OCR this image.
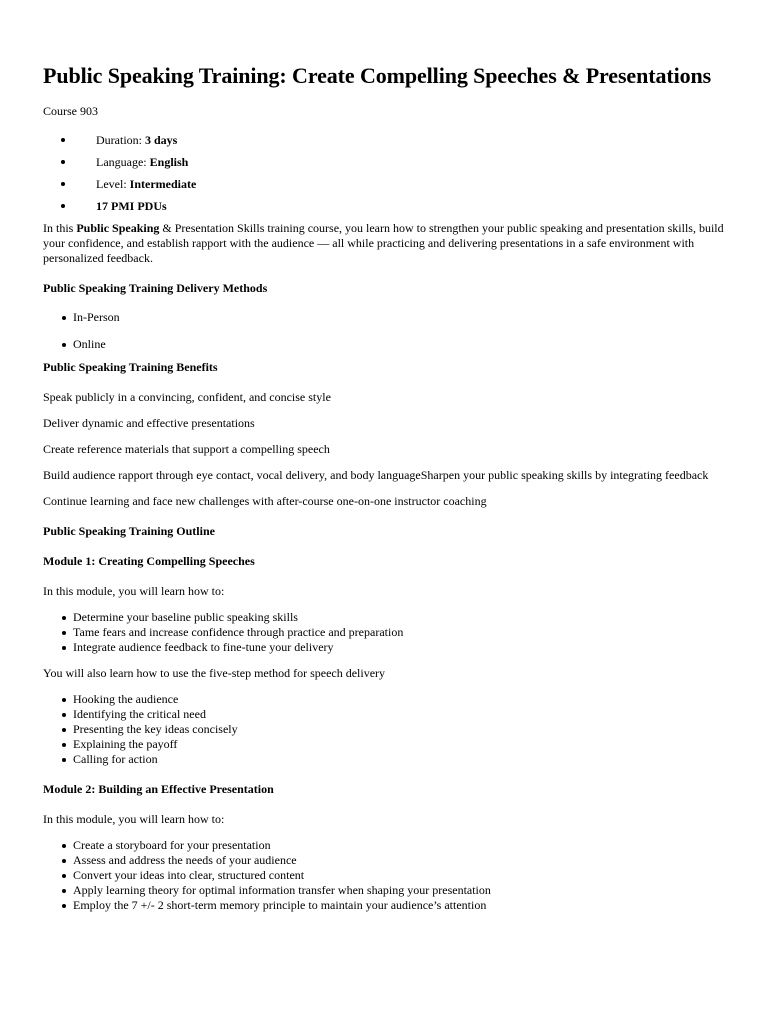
Public Speaking Training: Create Compelling Speeches & Presentations

Course 903

Duration: 3 days
Language: English
Level: Intermediate
17 PMI PDUs

In this Public Speaking & Presentation Skills training course, you learn how to strengthen your public speaking and presentation skills, build your confidence, and establish rapport with the audience — all while practicing and delivering presentations in a safe environment with personalized feedback.

Public Speaking Training Delivery Methods

In-Person
Online

Public Speaking Training Benefits

Speak publicly in a convincing, confident, and concise style

Deliver dynamic and effective presentations

Create reference materials that support a compelling speech

Build audience rapport through eye contact, vocal delivery, and body languageSharpen your public speaking skills by integrating feedback

Continue learning and face new challenges with after-course one-on-one instructor coaching

Public Speaking Training Outline

Module 1: Creating Compelling Speeches

In this module, you will learn how to:

Determine your baseline public speaking skills
Tame fears and increase confidence through practice and preparation
Integrate audience feedback to fine-tune your delivery

You will also learn how to use the five-step method for speech delivery

Hooking the audience
Identifying the critical need
Presenting the key ideas concisely
Explaining the payoff
Calling for action

Module 2: Building an Effective Presentation

In this module, you will learn how to:

Create a storyboard for your presentation
Assess and address the needs of your audience
Convert your ideas into clear, structured content
Apply learning theory for optimal information transfer when shaping your presentation
Employ the 7 +/- 2 short-term memory principle to maintain your audience’s attention
